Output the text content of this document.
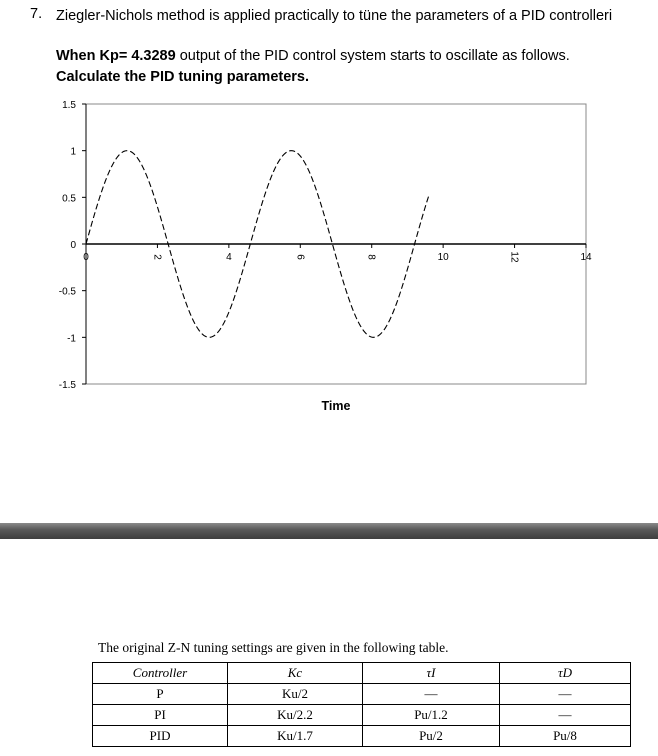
7. Ziegler-Nichols method is applied practically to tüne the parameters of a PID controlleri
When Kp= 4.3289 output of the PID control system starts to oscillate as follows.
Calculate the PID tuning parameters.
1.5
1
0.5
0
-0.5
-1
-1.5
0	2	4	6	8	10	12	14
Time
The original Z-N tuning settings are given in the following table.
Controller	Kc	τI	τD
P	Ku/2	—	—
PI	Ku/2.2	Pu/1.2	—
PID	Ku/1.7	Pu/2	Pu/8
